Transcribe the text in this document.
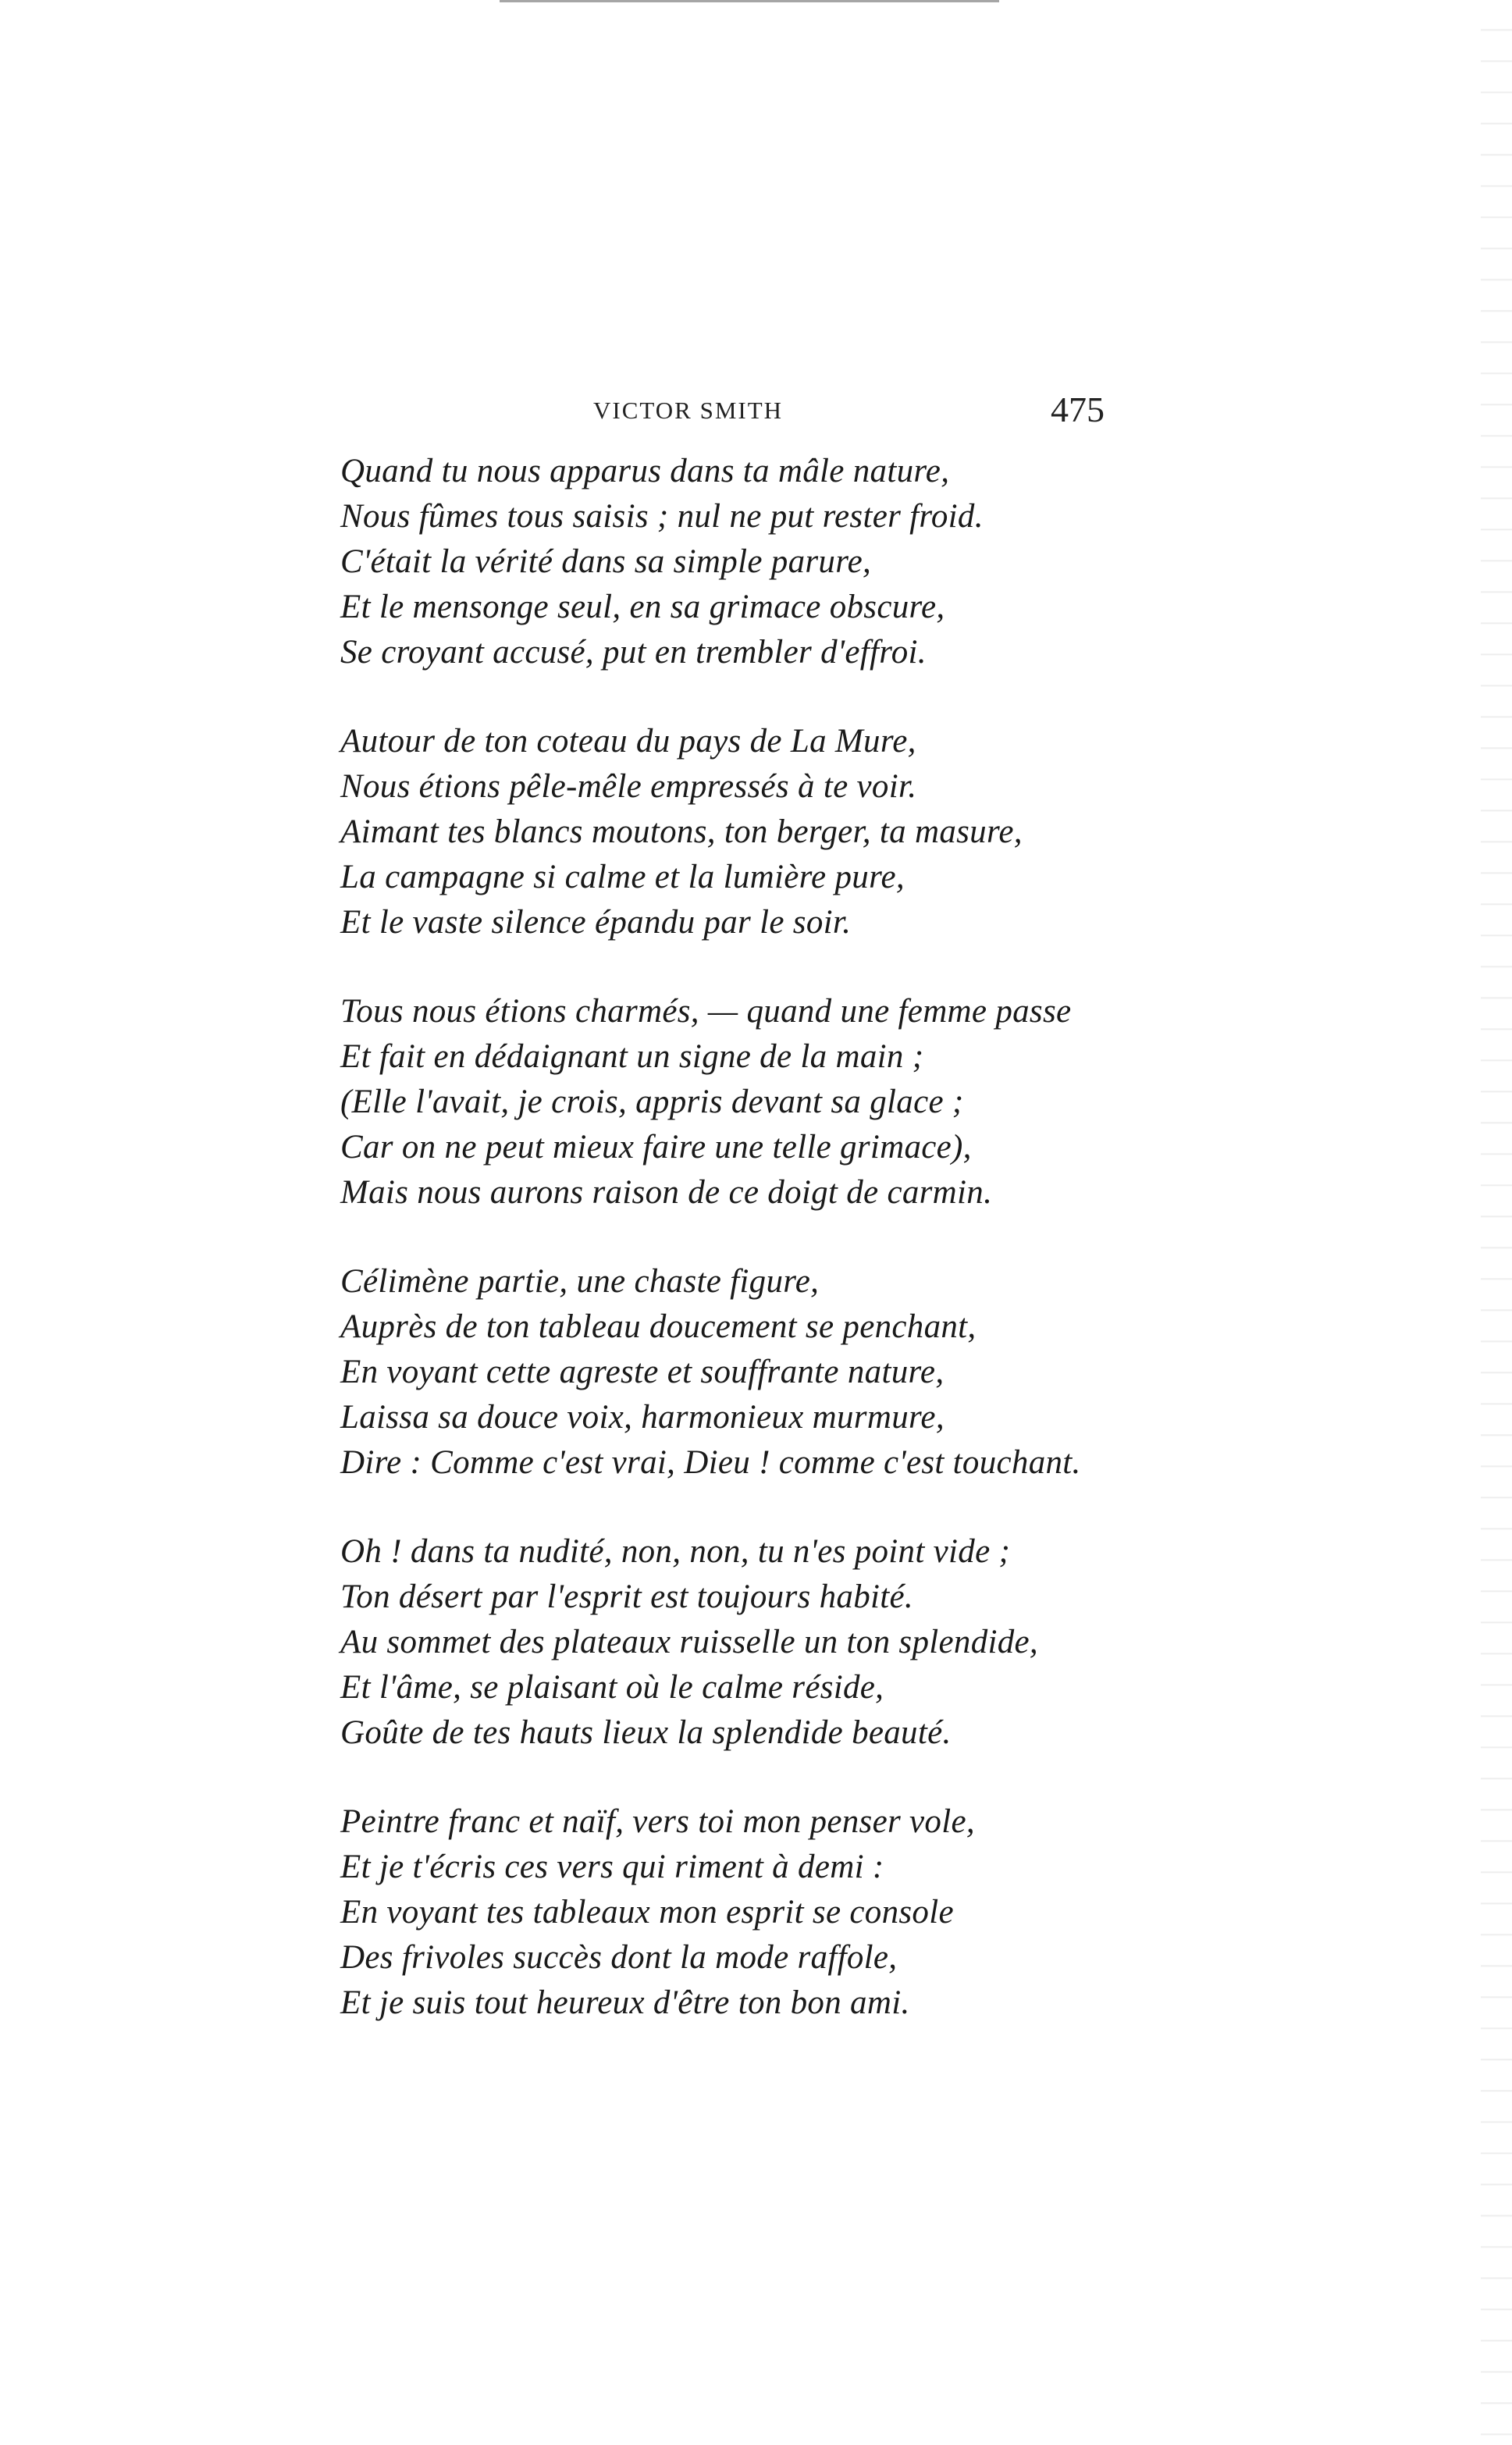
VICTOR SMITH	475
Quand tu nous apparus dans ta mâle nature,
Nous fûmes tous saisis ; nul ne put rester froid.
C'était la vérité dans sa simple parure,
Et le mensonge seul, en sa grimace obscure,
Se croyant accusé, put en trembler d'effroi.
Autour de ton coteau du pays de La Mure,
Nous étions pêle-mêle empressés à te voir.
Aimant tes blancs moutons, ton berger, ta masure,
La campagne si calme et la lumière pure,
Et le vaste silence épandu par le soir.
Tous nous étions charmés, — quand une femme passe
Et fait en dédaignant un signe de la main ;
(Elle l'avait, je crois, appris devant sa glace ;
Car on ne peut mieux faire une telle grimace),
Mais nous aurons raison de ce doigt de carmin.
Célimène partie, une chaste figure,
Auprès de ton tableau doucement se penchant,
En voyant cette agreste et souffrante nature,
Laissa sa douce voix, harmonieux murmure,
Dire : Comme c'est vrai, Dieu ! comme c'est touchant.
Oh ! dans ta nudité, non, non, tu n'es point vide ;
Ton désert par l'esprit est toujours habité.
Au sommet des plateaux ruisselle un ton splendide,
Et l'âme, se plaisant où le calme réside,
Goûte de tes hauts lieux la splendide beauté.
Peintre franc et naïf, vers toi mon penser vole,
Et je t'écris ces vers qui riment à demi :
En voyant tes tableaux mon esprit se console
Des frivoles succès dont la mode raffole,
Et je suis tout heureux d'être ton bon ami.
